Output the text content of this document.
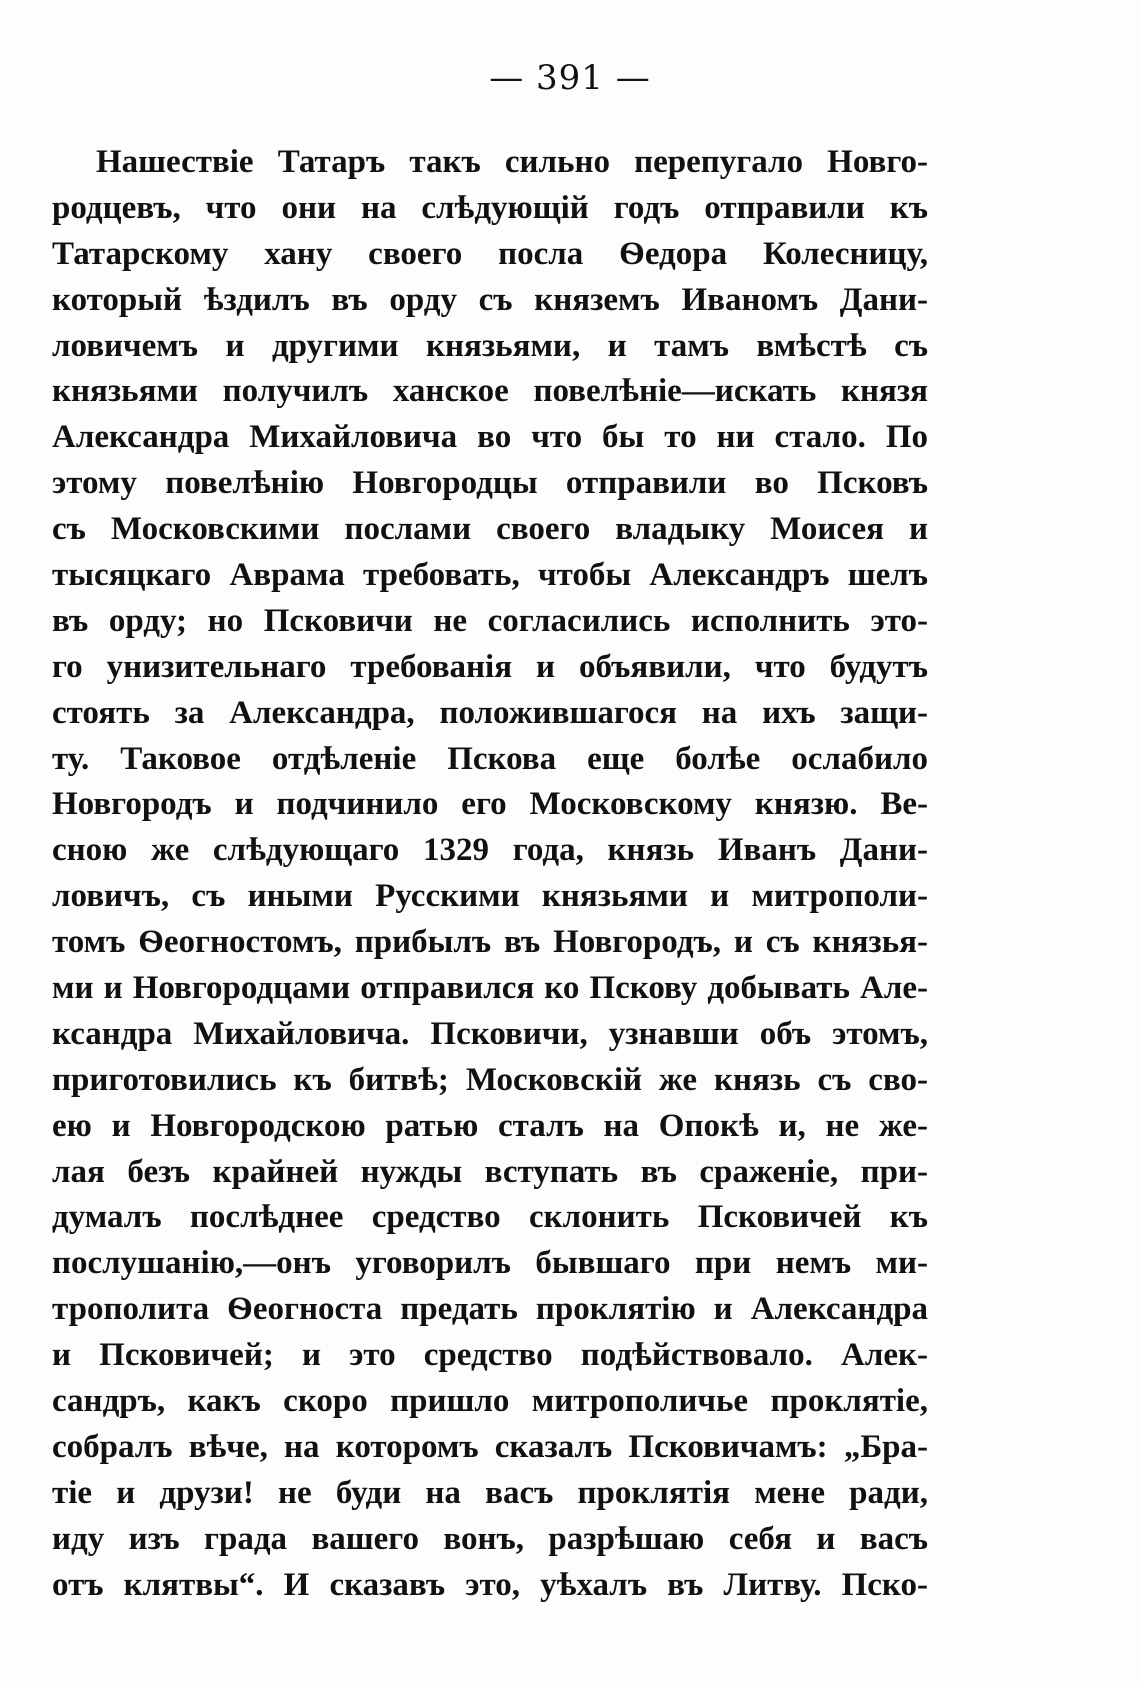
— 391 —
Нашествіе Татаръ такъ сильно перепугало Новго-
родцевъ, что они на слѣдующій годъ отправили къ
Татарскому хану своего посла Ѳедора Колесницу,
который ѣздилъ въ орду съ княземъ Иваномъ Дани-
ловичемъ и другими князьями, и тамъ вмѣстѣ съ
князьями получилъ ханское повелѣніе—искать князя
Александра Михайловича во что бы то ни стало. По
этому повелѣнію Новгородцы отправили во Псковъ
съ Московскими послами своего владыку Моисея и
тысяцкаго Аврама требовать, чтобы Александръ шелъ
въ орду; но Псковичи не согласились исполнить это-
го унизительнаго требованія и объявили, что будутъ
стоять за Александра, положившагося на ихъ защи-
ту. Таковое отдѣленіе Пскова еще болѣе ослабило
Новгородъ и подчинило его Московскому князю. Ве-
сною же слѣдующаго 1329 года, князь Иванъ Дани-
ловичъ, съ иными Русскими князьями и митрополи-
томъ Ѳеогностомъ, прибылъ въ Новгородъ, и съ князья-
ми и Новгородцами отправился ко Пскову добывать Але-
ксандра Михайловича. Псковичи, узнавши объ этомъ,
приготовились къ битвѣ; Московскій же князь съ сво-
ею и Новгородскою ратью сталъ на Опокѣ и, не же-
лая безъ крайней нужды вступать въ сраженіе, при-
думалъ послѣднее средство склонить Псковичей къ
послушанію,—онъ уговорилъ бывшаго при немъ ми-
трополита Ѳеогноста предать проклятію и Александра
и Псковичей; и это средство подѣйствовало. Алек-
сандръ, какъ скоро пришло митрополичье проклятіе,
собралъ вѣче, на которомъ сказалъ Псковичамъ: „Бра-
тіе и друзи! не буди на васъ проклятія мене ради,
иду изъ града вашего вонъ, разрѣшаю себя и васъ
отъ клятвы“. И сказавъ это, уѣхалъ въ Литву. Пско-
